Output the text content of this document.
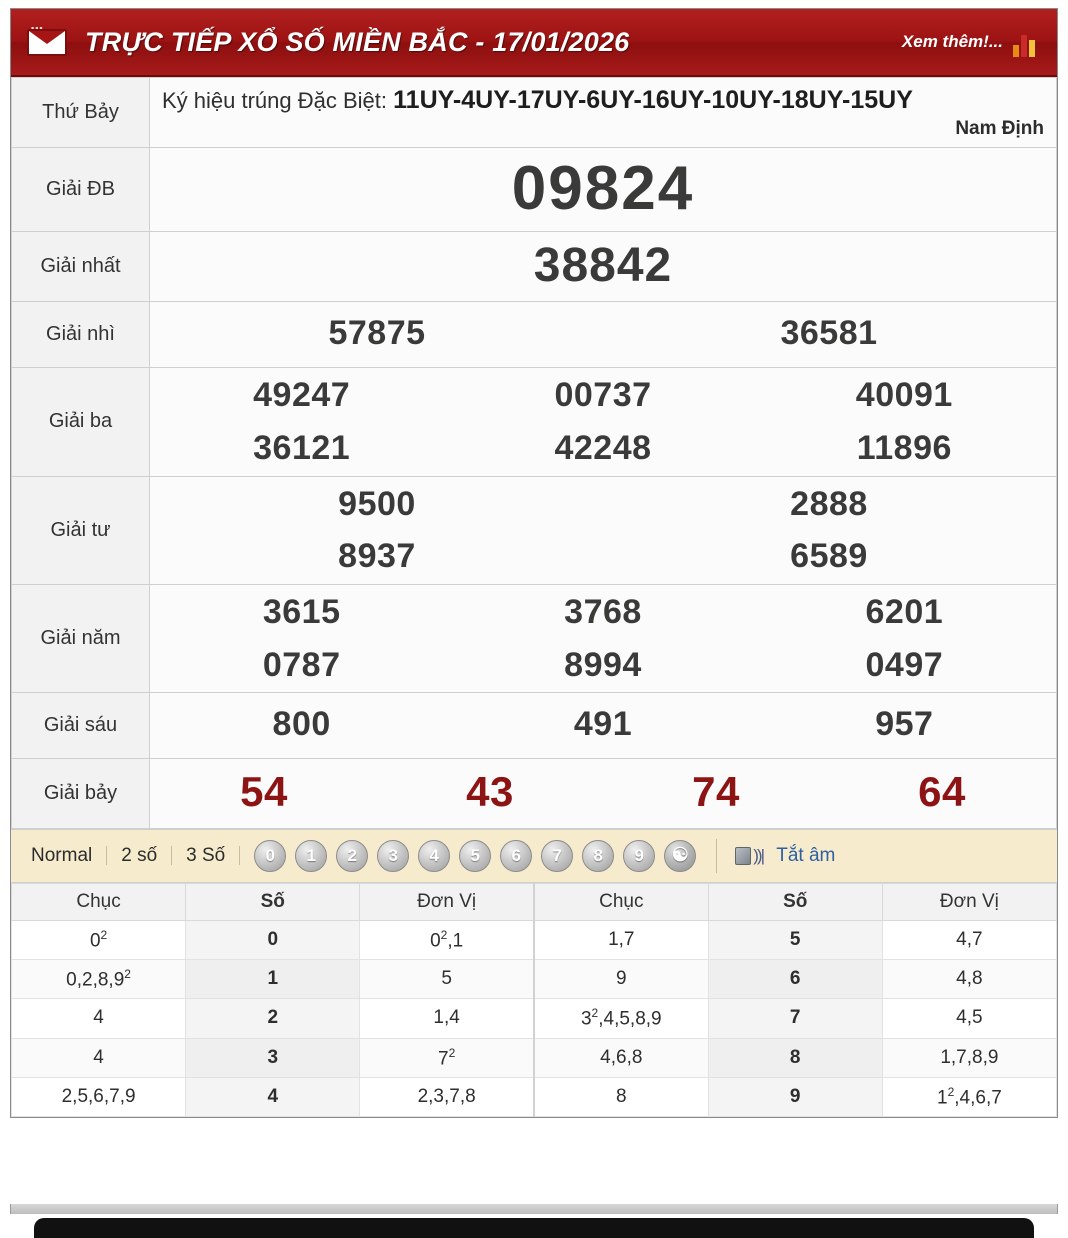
TRỰC TIẾP XỔ SỐ MIỀN BẮC - 17/01/2026	Xem thêm!...
Thứ Bảy	Ký hiệu trúng Đặc Biệt: 11UY-4UY-17UY-6UY-16UY-10UY-18UY-15UY
Nam Định

Giải ĐB	09824
Giải nhất	38842
Giải nhì	57875 36581

Giải ba	
49247	00737	40091
36121	42248	11896

Giải tư	9500 2888
8937 6589

Giải năm	
3615	3768	6201
0787	8994	0497

Giải sáu	800 491 957

Giải bảy	54 43 74 64
Normal	2 số	3 Số	0	1	2	3	4	5	6	7	8	9	☯	))| Tắt âm
Chục	Số	Đơn Vị	Chục	Số	Đơn Vị
$0^2$	0	$0^2,1$	1,7	5	4,7
0,2,8,9$^2$	1	5	9	6	4,8
4	2	1,4	$3^2,4,5,8,9$	7	4,5
4	3	$7^2$	4,6,8	8	1,7,8,9
2,5,6,7,9	4	2,3,7,8	8	9	$1^2,4,6,7$
